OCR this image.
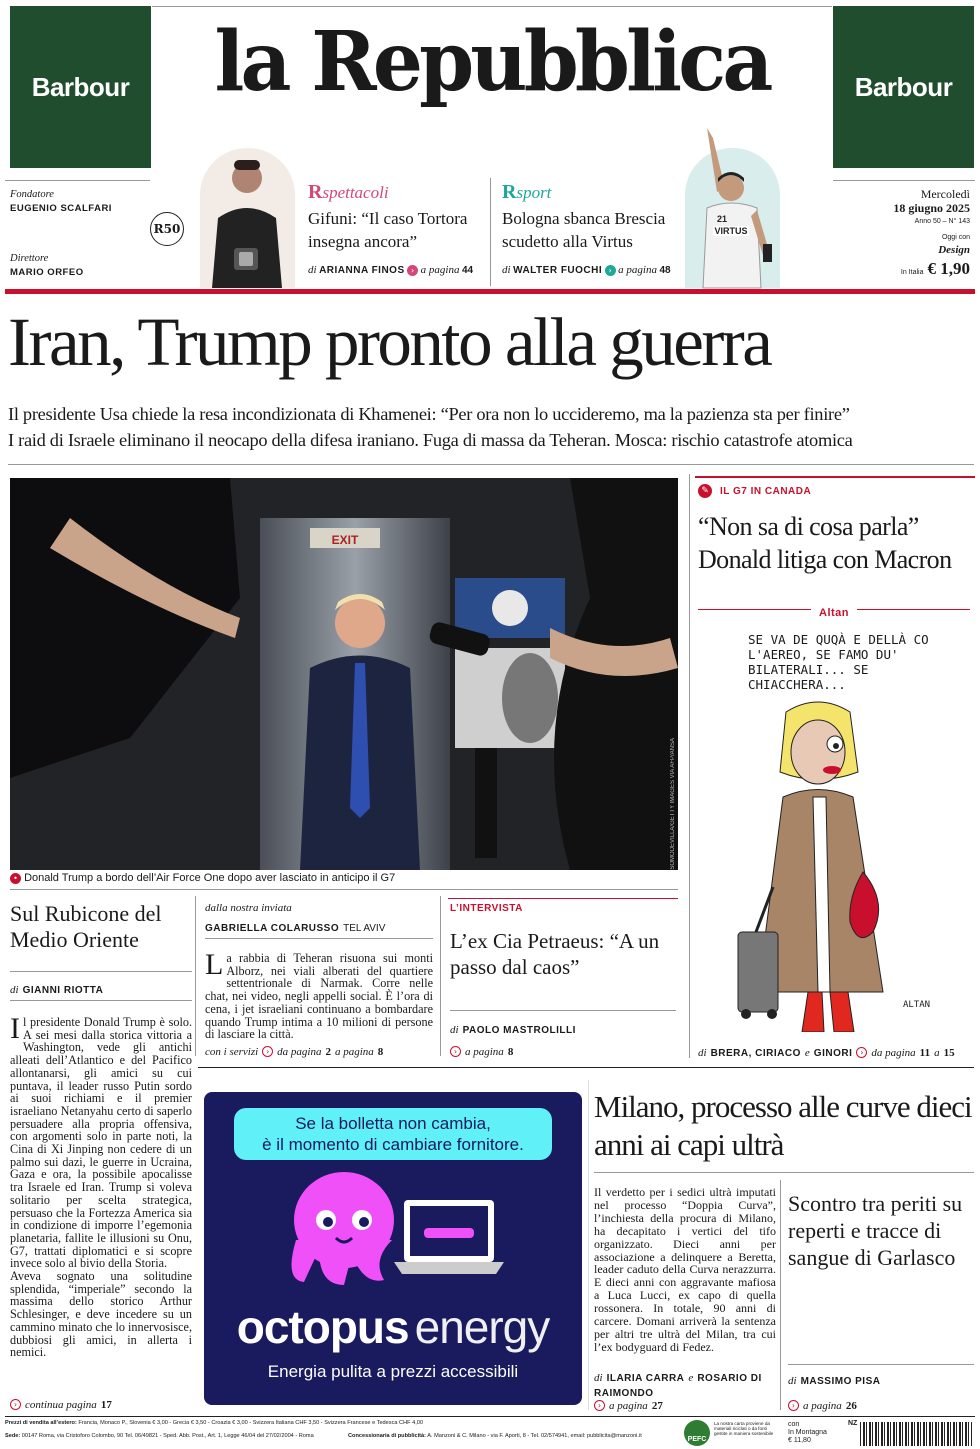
Barbour	Barbour
la Repubblica
Fondatore
EUGENIO SCALFARI
Direttore
MARIO ORFEO
R50
Rspettacoli
Gifuni: “Il caso Tortora insegna ancora”
di ARIANNA FINOS › a pagina 44
Rsport
Bologna sbanca Brescia scudetto alla Virtus
di WALTER FUOCHI › a pagina 48
VIRTUS
21
Mercoledì
18 giugno 2025
Anno 50 – N° 143
Oggi con
Design
In Italia € 1,90
Iran, Trump pronto alla guerra
Il presidente Usa chiede la resa incondizionata di Khamenei: “Per ora non lo uccideremo, ma la pazienza sta per finire”
I raid di Israele eliminano il neocapo della difesa iraniano. Fuga di massa da Teheran. Mosca: rischio catastrofe atomica
EXIT
SOMODEVILLA/GETTY IMAGES VIA AFP/ANSA
• Donald Trump a bordo dell’Air Force One dopo aver lasciato in anticipo il G7
✎	IL G7 IN CANADA
“Non sa di cosa parla” Donald litiga con Macron
Altan
SE VA DE QUQÀ E DELLÀ CO L'AEREO, SE FAMO DU' BILATERALI... SE CHIACCHERA...
ALTAN
di BRERA, CIRIACO e GINORI › da pagina 11 a 15
Sul Rubicone del Medio Oriente
di GIANNI RIOTTA
Il presidente Donald Trump è solo. A sei mesi dalla storica vittoria a Washington, vede gli antichi alleati dell’Atlantico e del Pacifico allontanarsi, gli amici su cui puntava, il leader russo Putin sordo ai suoi richiami e il premier israeliano Netanyahu certo di saperlo persuadere alla propria offensiva, con argomenti solo in parte noti, la Cina di Xi Jinping non cedere di un palmo sui dazi, le guerre in Ucraina, Gaza e ora, la possibile apocalisse tra Israele ed Iran. Trump si voleva solitario per scelta strategica, persuaso che la Fortezza America sia in condizione di imporre l’egemonia planetaria, fallite le illusioni su Onu, G7, trattati diplomatici e si scopre invece solo al bivio della Storia.
Aveva sognato una solitudine splendida, “imperiale” secondo la massima dello storico Arthur Schlesinger, e deve incedere su un cammino minato che lo innervosisce, dubbiosi gli amici, in allerta i nemici.
› continua pagina 17
dalla nostra inviata
GABRIELLA COLARUSSO TEL AVIV
La rabbia di Teheran risuona sui monti Alborz, nei viali alberati del quartiere settentrionale di Narmak. Corre nelle chat, nei video, negli appelli social. È l’ora di cena, i jet israeliani continuano a bombardare quando Trump intima a 10 milioni di persone di lasciare la città.
con i servizi › da pagina 2 a pagina 8
L’INTERVISTA
L’ex Cia Petraeus: “A un passo dal caos”
di PAOLO MASTROLILLI
› a pagina 8
Se la bolletta non cambia,
è il momento di cambiare fornitore.
octopus energy
Energia pulita a prezzi accessibili
Milano, processo alle curve dieci anni ai capi ultrà
Il verdetto per i sedici ultrà imputati nel processo “Doppia Curva”, l’inchiesta della procura di Milano, ha decapitato i vertici del tifo organizzato. Dieci anni per associazione a delinquere a Beretta, leader caduto della Curva nerazzurra. E dieci anni con aggravante mafiosa a Luca Lucci, ex capo di quella rossonera. In totale, 90 anni di carcere. Domani arriverà la sentenza per altri tre ultrà del Milan, tra cui l’ex bodyguard di Fedez.
di ILARIA CARRA e ROSARIO DI RAIMONDO
› a pagina 27
Scontro tra periti su reperti e tracce di sangue di Garlasco
di MASSIMO PISA
› a pagina 26
Prezzi di vendita all’estero: Francia, Monaco P., Slovenia € 3,00 - Grecia € 3,50 - Croazia € 3,00 - Svizzera Italiana CHF 3,50 - Svizzera Francese e Tedesca CHF 4,00
Sede: 00147 Roma, via Cristoforo Colombo, 90 Tel. 06/49821 - Sped. Abb. Post., Art. 1, Legge 46/04 del 27/02/2004 - Roma	Concessionaria di pubblicità: A. Manzoni & C. Milano - via F. Aporti, 8 - Tel. 02/574941, email: pubblicita@manzoni.it	PEFC
La nostra carta proviene da materiali riciclati o da fonti gestite in maniera sostenibile
con
In Montagna
€ 11,80
NZ
